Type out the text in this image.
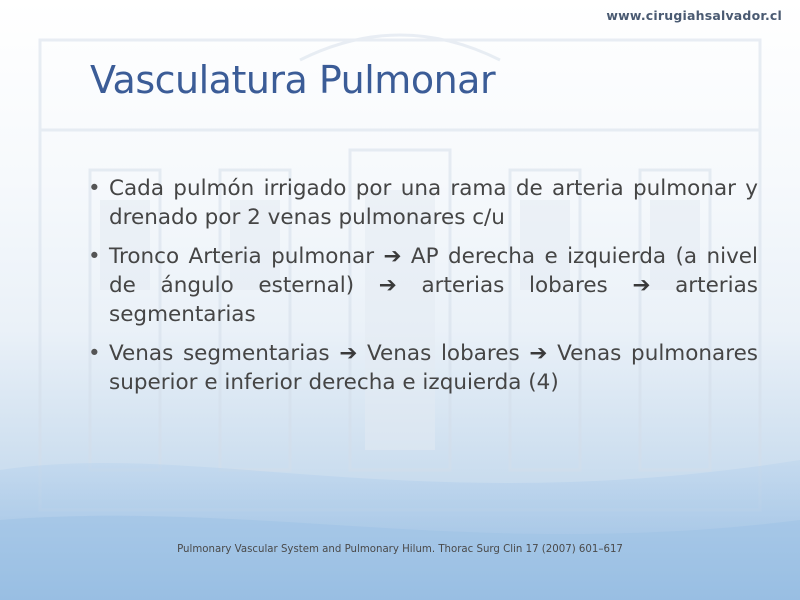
www.cirugiahsalvador.cl
Vasculatura Pulmonar

• Cada pulmón irrigado por una rama de arteria pulmonar y drenado por 2 venas pulmonares c/u

• Tronco Arteria pulmonar ➔ AP derecha e izquierda (a nivel de ángulo esternal) ➔ arterias lobares ➔ arterias segmentarias

• Venas segmentarias ➔ Venas lobares ➔ Venas pulmonares superior e inferior derecha e izquierda (4)

Pulmonary Vascular System and Pulmonary Hilum. Thorac Surg Clin 17 (2007) 601–617
